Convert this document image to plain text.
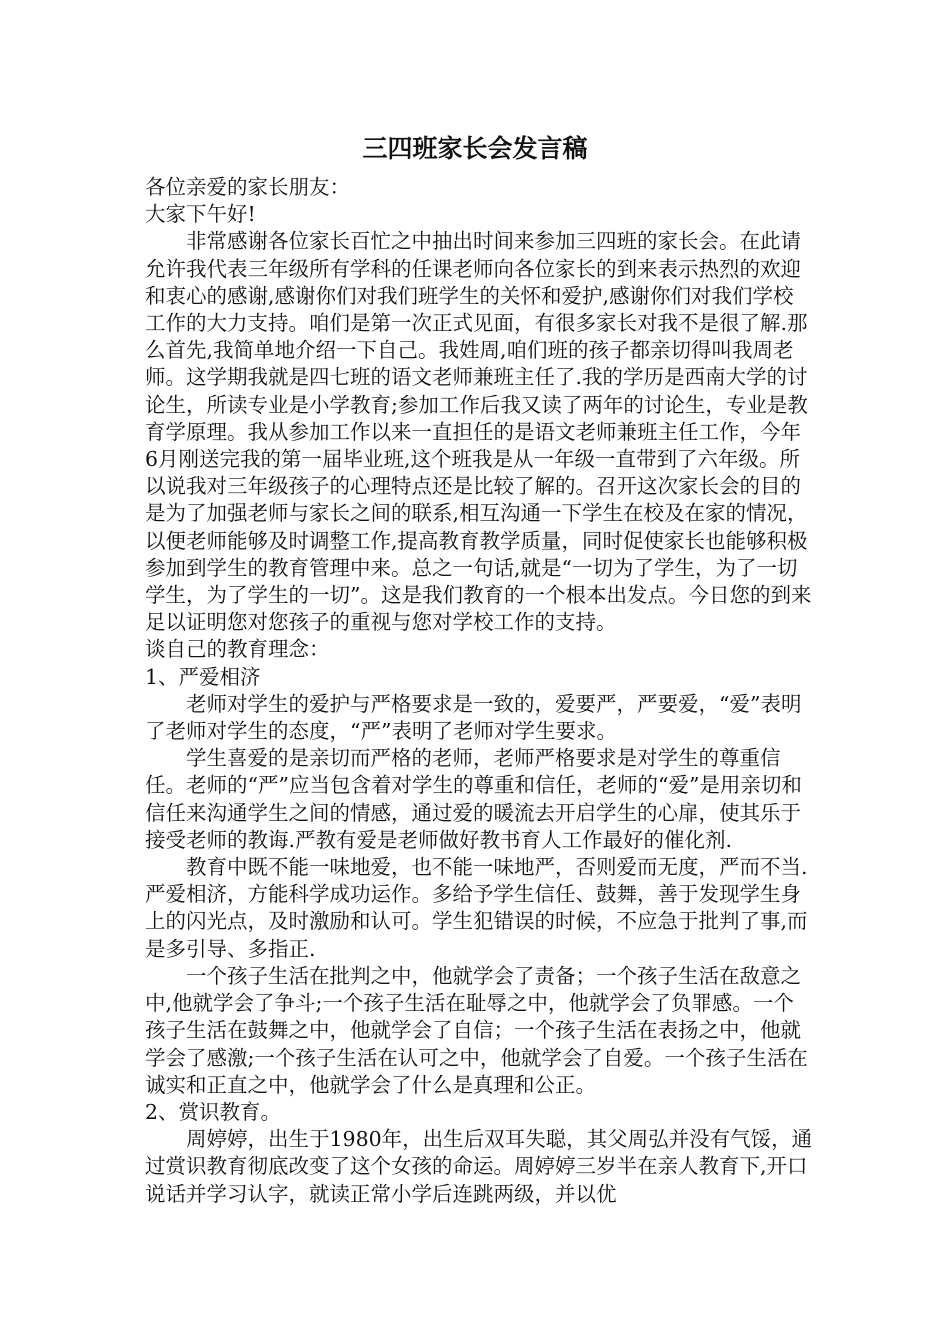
三四班家长会发言稿

各位亲爱的家长朋友：

大家下午好!

　　非常感谢各位家长百忙之中抽出时间来参加三四班的家长会。在此请允许我代表三年级所有学科的任课老师向各位家长的到来表示热烈的欢迎和衷心的感谢,感谢你们对我们班学生的关怀和爱护,感谢你们对我们学校工作的大力支持。咱们是第一次正式见面，有很多家长对我不是很了解.那么首先,我简单地介绍一下自己。我姓周,咱们班的孩子都亲切得叫我周老师。这学期我就是四七班的语文老师兼班主任了.我的学历是西南大学的讨论生，所读专业是小学教育;参加工作后我又读了两年的讨论生，专业是教育学原理。我从参加工作以来一直担任的是语文老师兼班主任工作，今年6月刚送完我的第一届毕业班,这个班我是从一年级一直带到了六年级。所以说我对三年级孩子的心理特点还是比较了解的。召开这次家长会的目的是为了加强老师与家长之间的联系,相互沟通一下学生在校及在家的情况，以便老师能够及时调整工作,提高教育教学质量，同时促使家长也能够积极参加到学生的教育管理中来。总之一句话,就是“一切为了学生，为了一切学生，为了学生的一切”。这是我们教育的一个根本出发点。今日您的到来足以证明您对您孩子的重视与您对学校工作的支持。

谈自己的教育理念：

1、严爱相济

　　老师对学生的爱护与严格要求是一致的，爱要严，严要爱，“爱”表明了老师对学生的态度，“严”表明了老师对学生要求。

　　学生喜爱的是亲切而严格的老师，老师严格要求是对学生的尊重信任。老师的“严”应当包含着对学生的尊重和信任，老师的“爱”是用亲切和信任来沟通学生之间的情感，通过爱的暖流去开启学生的心扉，使其乐于接受老师的教诲.严教有爱是老师做好教书育人工作最好的催化剂.

　　教育中既不能一味地爱，也不能一味地严，否则爱而无度，严而不当.严爱相济，方能科学成功运作。多给予学生信任、鼓舞，善于发现学生身上的闪光点，及时激励和认可。学生犯错误的时候，不应急于批判了事,而是多引导、多指正.

　　一个孩子生活在批判之中，他就学会了责备；一个孩子生活在敌意之中,他就学会了争斗;一个孩子生活在耻辱之中，他就学会了负罪感。一个孩子生活在鼓舞之中，他就学会了自信；一个孩子生活在表扬之中，他就学会了感激;一个孩子生活在认可之中，他就学会了自爱。一个孩子生活在诚实和正直之中，他就学会了什么是真理和公正。

2、赏识教育。

　　周婷婷，出生于1980年，出生后双耳失聪，其父周弘并没有气馁，通过赏识教育彻底改变了这个女孩的命运。周婷婷三岁半在亲人教育下,开口说话并学习认字，就读正常小学后连跳两级，并以优
